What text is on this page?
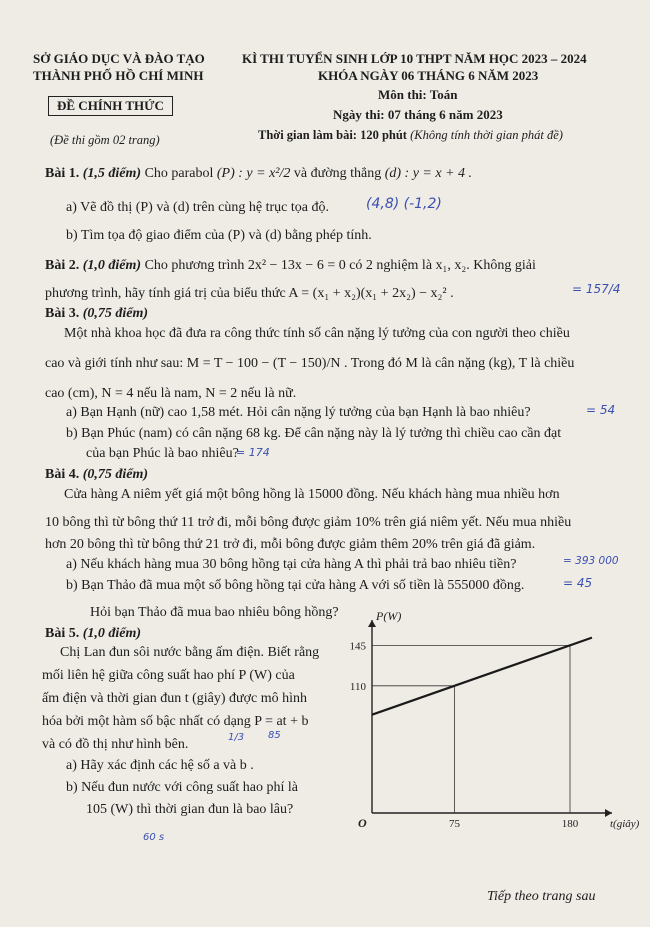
SỞ GIÁO DỤC VÀ ĐÀO TẠO
THÀNH PHỐ HỒ CHÍ MINH
ĐỀ CHÍNH THỨC
(Đề thi gồm 02 trang)
KÌ THI TUYỂN SINH LỚP 10 THPT NĂM HỌC 2023 – 2024
KHÓA NGÀY 06 THÁNG 6 NĂM 2023
Môn thi: Toán
Ngày thi: 07 tháng 6 năm 2023
Thời gian làm bài: 120 phút (Không tính thời gian phát đề)
Bài 1. (1,5 điểm) Cho parabol (P) : y = x²/2 và đường thẳng (d) : y = x + 4 .
a) Vẽ đồ thị (P) và (d) trên cùng hệ trục tọa độ.	(4,8) (-1,2)
b) Tìm tọa độ giao điểm của (P) và (d) bằng phép tính.
Bài 2. (1,0 điểm) Cho phương trình 2x² − 13x − 6 = 0 có 2 nghiệm là x₁, x₂. Không giải
phương trình, hãy tính giá trị của biểu thức A = (x₁ + x₂)(x₁ + 2x₂) − x₂² .	= 157/4
Bài 3. (0,75 điểm)
Một nhà khoa học đã đưa ra công thức tính số cân nặng lý tưởng của con người theo chiều
cao và giới tính như sau: M = T − 100 − (T − 150)/N . Trong đó M là cân nặng (kg), T là chiều
cao (cm), N = 4 nếu là nam, N = 2 nếu là nữ.
a) Bạn Hạnh (nữ) cao 1,58 mét. Hỏi cân nặng lý tưởng của bạn Hạnh là bao nhiêu?	= 54
b) Bạn Phúc (nam) có cân nặng 68 kg. Để cân nặng này là lý tưởng thì chiều cao cần đạt
của bạn Phúc là bao nhiêu?
= 174
Bài 4. (0,75 điểm)
Cửa hàng A niêm yết giá một bông hồng là 15000 đồng. Nếu khách hàng mua nhiều hơn
10 bông thì từ bông thứ 11 trở đi, mỗi bông được giảm 10% trên giá niêm yết. Nếu mua nhiều
hơn 20 bông thì từ bông thứ 21 trở đi, mỗi bông được giảm thêm 20% trên giá đã giảm.
a) Nếu khách hàng mua 30 bông hồng tại cửa hàng A thì phải trả bao nhiêu tiền?	= 393 000
b) Bạn Thảo đã mua một số bông hồng tại cửa hàng A với số tiền là 555000 đồng.	= 45
Hỏi bạn Thảo đã mua bao nhiêu bông hồng?
Bài 5. (1,0 điểm)
Chị Lan đun sôi nước bằng ấm điện. Biết rằng
mối liên hệ giữa công suất hao phí P (W) của
ấm điện và thời gian đun t (giây) được mô hình
hóa bởi một hàm số bậc nhất có dạng P = at + b
và có đồ thị như hình bên.	1/3 85
a) Hãy xác định các hệ số a và b .
b) Nếu đun nước với công suất hao phí là
105 (W) thì thời gian đun là bao lâu?
60 s
P(W)
t(giây)
O	75	180
110
145
Tiếp theo trang sau
